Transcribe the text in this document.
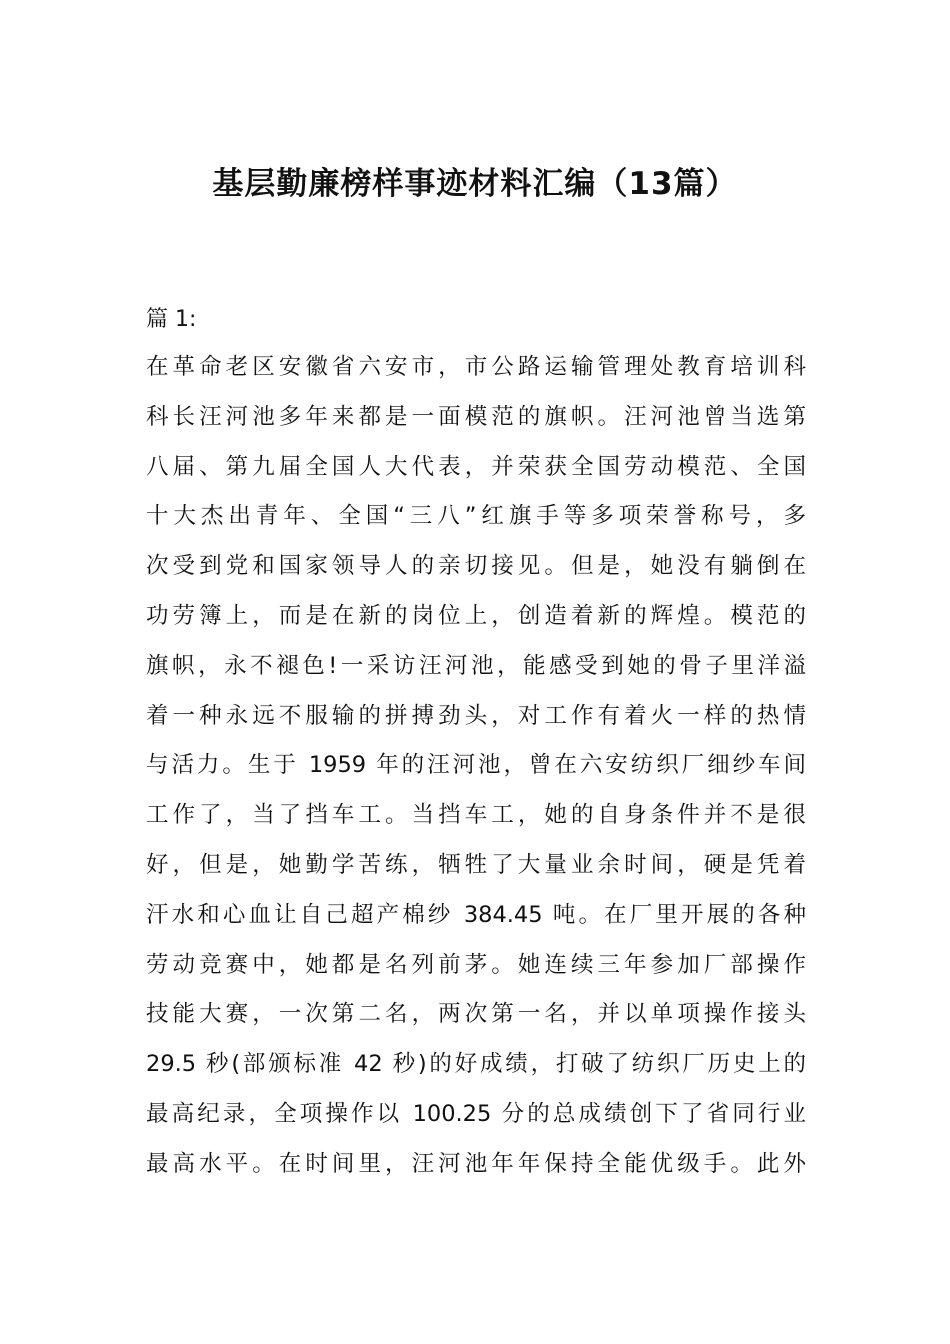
基层勤廉榜样事迹材料汇编（13篇）
篇 1:
在革命老区安徽省六安市，市公路运输管理处教育培训科
科长汪河池多年来都是一面模范的旗帜。汪河池曾当选第
八届、第九届全国人大代表，并荣获全国劳动模范、全国
十大杰出青年、全国“三八”红旗手等多项荣誉称号，多
次受到党和国家领导人的亲切接见。但是，她没有躺倒在
功劳簿上，而是在新的岗位上，创造着新的辉煌。模范的
旗帜，永不褪色!一采访汪河池，能感受到她的骨子里洋溢
着一种永远不服输的拼搏劲头，对工作有着火一样的热情
与活力。生于 1959 年的汪河池，曾在六安纺织厂细纱车间
工作了，当了挡车工。当挡车工，她的自身条件并不是很
好，但是，她勤学苦练，牺牲了大量业余时间，硬是凭着
汗水和心血让自己超产棉纱 384.45 吨。在厂里开展的各种
劳动竞赛中，她都是名列前茅。她连续三年参加厂部操作
技能大赛，一次第二名，两次第一名，并以单项操作接头
29.5 秒(部颁标准 42 秒)的好成绩，打破了纺织厂历史上的
最高纪录，全项操作以 100.25 分的总成绩创下了省同行业
最高水平。在时间里，汪河池年年保持全能优级手。此外
